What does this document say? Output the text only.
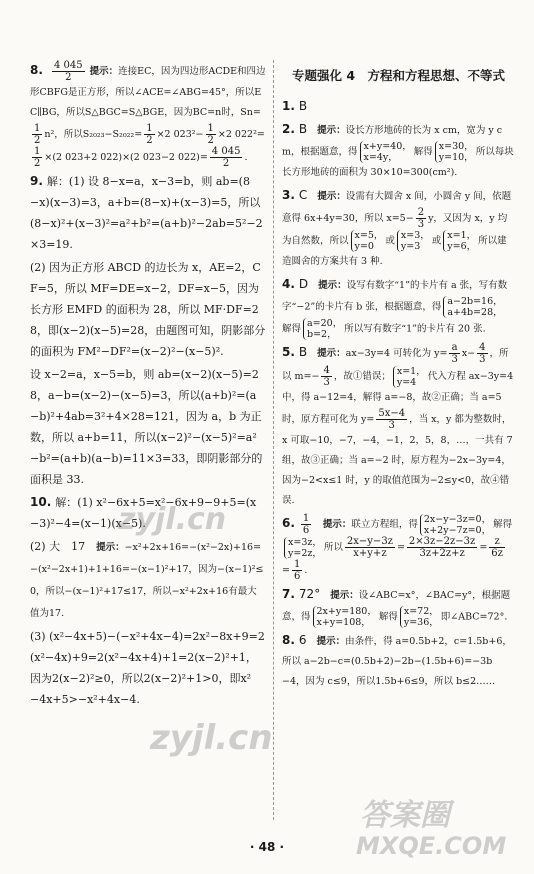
8. $\frac{4 045}{2}$ 提示：连接EC，因为四边形ACDE和四边形CBFG是正方形，所以∠ACE=∠ABG=45°，所以EC∥BG，所以S△BGC=S△BGE，因为BC=n时，Sn=
$\frac{1}{2} n^2$，所以$S_{2023}-S_{2022}= \frac{1}{2} \times 2$ $023^2- \frac{1}{2} \times 2$ 022²=
$\frac{1}{2} \times(2$ 023+2 022)×(2 023−2 $022)= \frac{4 045}{2}$ .
9. 解：(1) 设 8−x=a，x−3=b，则 ab=(8−x)(x−3)=3，a+b=(8−x)+(x−3)=5，所以(8−x)²+(x−3)²=a²+b²=(a+b)²−2ab=5²−2×3=19.
(2) 因为正方形 ABCD 的边长为 x，AE=2，CF=5，所以 MF=DE=x−2，DF=x−5，因为长方形 EMFD 的面积为 28，所以 MF·DF=28，即(x−2)(x−5)=28，由题图可知，阴影部分的面积为 FM²−DF²=(x−2)²−(x−5)².
设 x−2=a，x−5=b，则 ab=(x−2)(x−5)=28，a−b=(x−2)−(x−5)=3，所以(a+b)²=(a−b)²+4ab=3²+4×28=121，因为 a，b 为正数，所以 a+b=11，所以(x−2)²−(x−5)²=a²−b²=(a+b)(a−b)=11×3=33，即阴影部分的面积是 33.
10. 解：(1) x²−6x+5=x²−6x+9−9+5=(x−3)²−4=(x−1)(x−5).
(2) 大　17　 提示：−x²+2x+16=−(x²−2x)+16=−(x²−2x+1)+1+16=−(x−1)²+17，因为−(x−1)²≤0，所以−(x−1)²+17≤17，所以−x²+2x+16有最大值为17.
(3) (x²−4x+5)−(−x²+4x−4)=2x²−8x+9=2(x²−4x)+9=2(x²−4x+4)+1=2(x−2)²+1，因为2(x−2)²≥0，所以2(x−2)²+1>0，即x²−4x+5>−x²+4x−4.
专题强化 4　方程和方程思想、不等式
1. B
2. B 提示：设长方形地砖的长为 x cm，宽为 y cm，根据题意，得 x+y=40，
x=4y，	解得 x=30，
y=10， 所以每块长方形地砖的面积为 30×10=300(cm²).
3. C 提示：设需有大圆舍 x 间，小圆舍 y 间，依题意得 6x+4y=30，所以 $x=5- \frac{2}{3}$ y，又因为 x，y 均为自然数，所以 x=5，
y=0	或 x=3，
y=3	或 x=1，
y=6， 所以建造圆舍的方案共有 3 种.
4. D 提示：设写有数字“1”的卡片有 a 张，写有数字“−2”的卡片有 b 张，根据题意，得 a−2b=16，
a+4b=28，
解得 a=20，
b=2， 所以写有数字“1”的卡片有 20 张.
5. B 提示：ax−3y=4 可转化为 $y= \frac{a}{3} x- \frac{4}{3}$ ，所以 $m=- \frac{4}{3}$ ，故①错误； x=1，
y=4	代入方程 ax−3y=4 中，得 a−12=4，解得 a=−8，故②正确；当 a=5 时，原方程可化为 $y= \frac{5x-4}{3}$ ，当 x，y 都为整数时，x 可取−10，−7，−4，−1，2，5，8，…，一共有 7 组，故③正确；当 a=−2 时，原方程为−2x−3y=4，因为−2<x≤1 时，y 的取值范围为−2≤y<0，故④错误.
6. $\frac{1}{6}$
　 提示：联立方程组，得 2x−y−3z=0，
x+2y−7z=0， 解得
x=3z，
y=2z， 所以 $\frac{2x-y-3z}{x+y+z} = \frac{2\times 3z-2z-3z}{3z+2z+z} = \frac{z}{6z}$
= $\frac{1}{6}$ .
7. 72° 提示：设∠ABC=x°，∠BAC=y°，根据题意，得 2x+y=180，
x+y=108， 解得 x=72，
y=36， 即∠ABC=72°.
8. 6 提示：由条件，得 a=0.5b+2，c=1.5b+6，所以 a−2b−c=(0.5b+2)−2b−(1.5b+6)=−3b−4，因为 c≤9，所以1.5b+6≤9，所以 b≤2……
· 48 ·
zyjl.cn
zyjl.cn
答案圈
MXQE.COM
